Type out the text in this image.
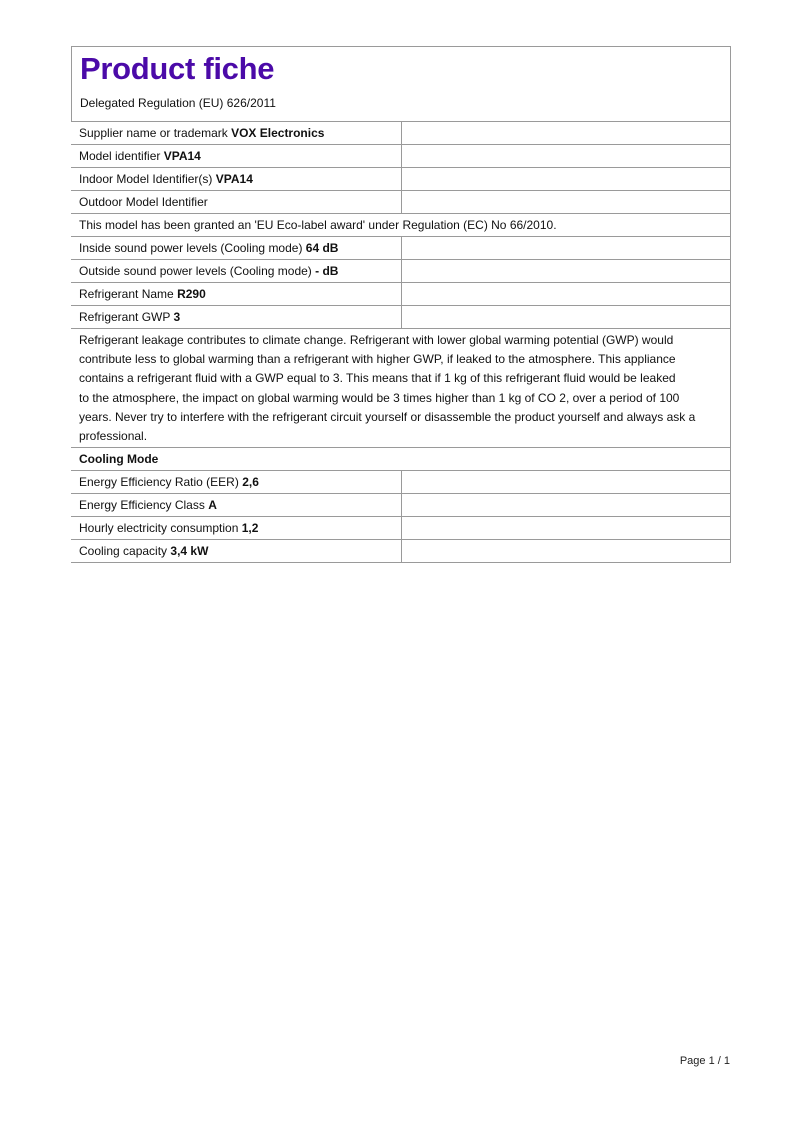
Product fiche
Delegated Regulation (EU) 626/2011
Supplier name or trademark VOX Electronics
Model identifier VPA14
Indoor Model Identifier(s) VPA14
Outdoor Model Identifier
This model has been granted an 'EU Eco-label award' under Regulation (EC) No 66/2010.
Inside sound power levels (Cooling mode) 64 dB
Outside sound power levels (Cooling mode) - dB
Refrigerant Name R290
Refrigerant GWP 3
Refrigerant leakage contributes to climate change. Refrigerant with lower global warming potential (GWP) would
contribute less to global warming than a refrigerant with higher GWP, if leaked to the atmosphere. This appliance
contains a refrigerant fluid with a GWP equal to 3. This means that if 1 kg of this refrigerant fluid would be leaked
to the atmosphere, the impact on global warming would be 3 times higher than 1 kg of CO 2, over a period of 100
years. Never try to interfere with the refrigerant circuit yourself or disassemble the product yourself and always ask a
professional.
Cooling Mode
Energy Efficiency Ratio (EER) 2,6
Energy Efficiency Class A
Hourly electricity consumption 1,2
Cooling capacity 3,4 kW
Page 1 / 1
